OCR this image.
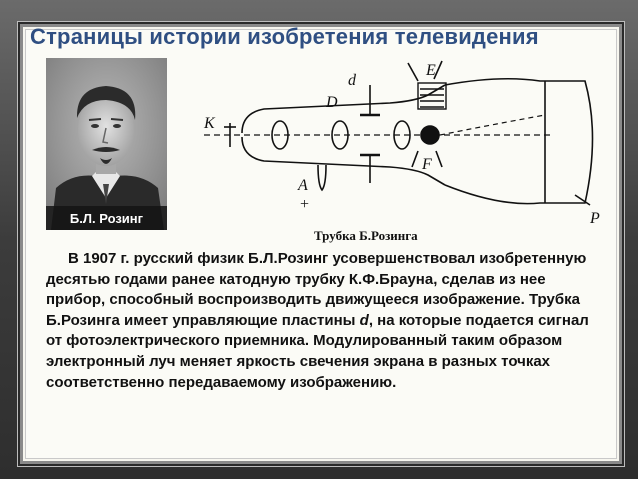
Страницы истории изобретения телевидения
Б.Л. Розинг
K
D
d
E
F
A
+
P
Трубка Б.Розинга
В 1907 г. русский физик Б.Л.Розинг усовершенствовал изобретенную десятью годами ранее катодную трубку К.Ф.Брауна, сделав из нее прибор, способный воспроизводить движущееся изображение. Трубка Б.Розинга имеет управляющие пластины d, на которые подается сигнал от фотоэлектрического приемника. Модулированный таким образом электронный луч меняет яркость свечения экрана в разных точках соответственно передаваемому изображению.
